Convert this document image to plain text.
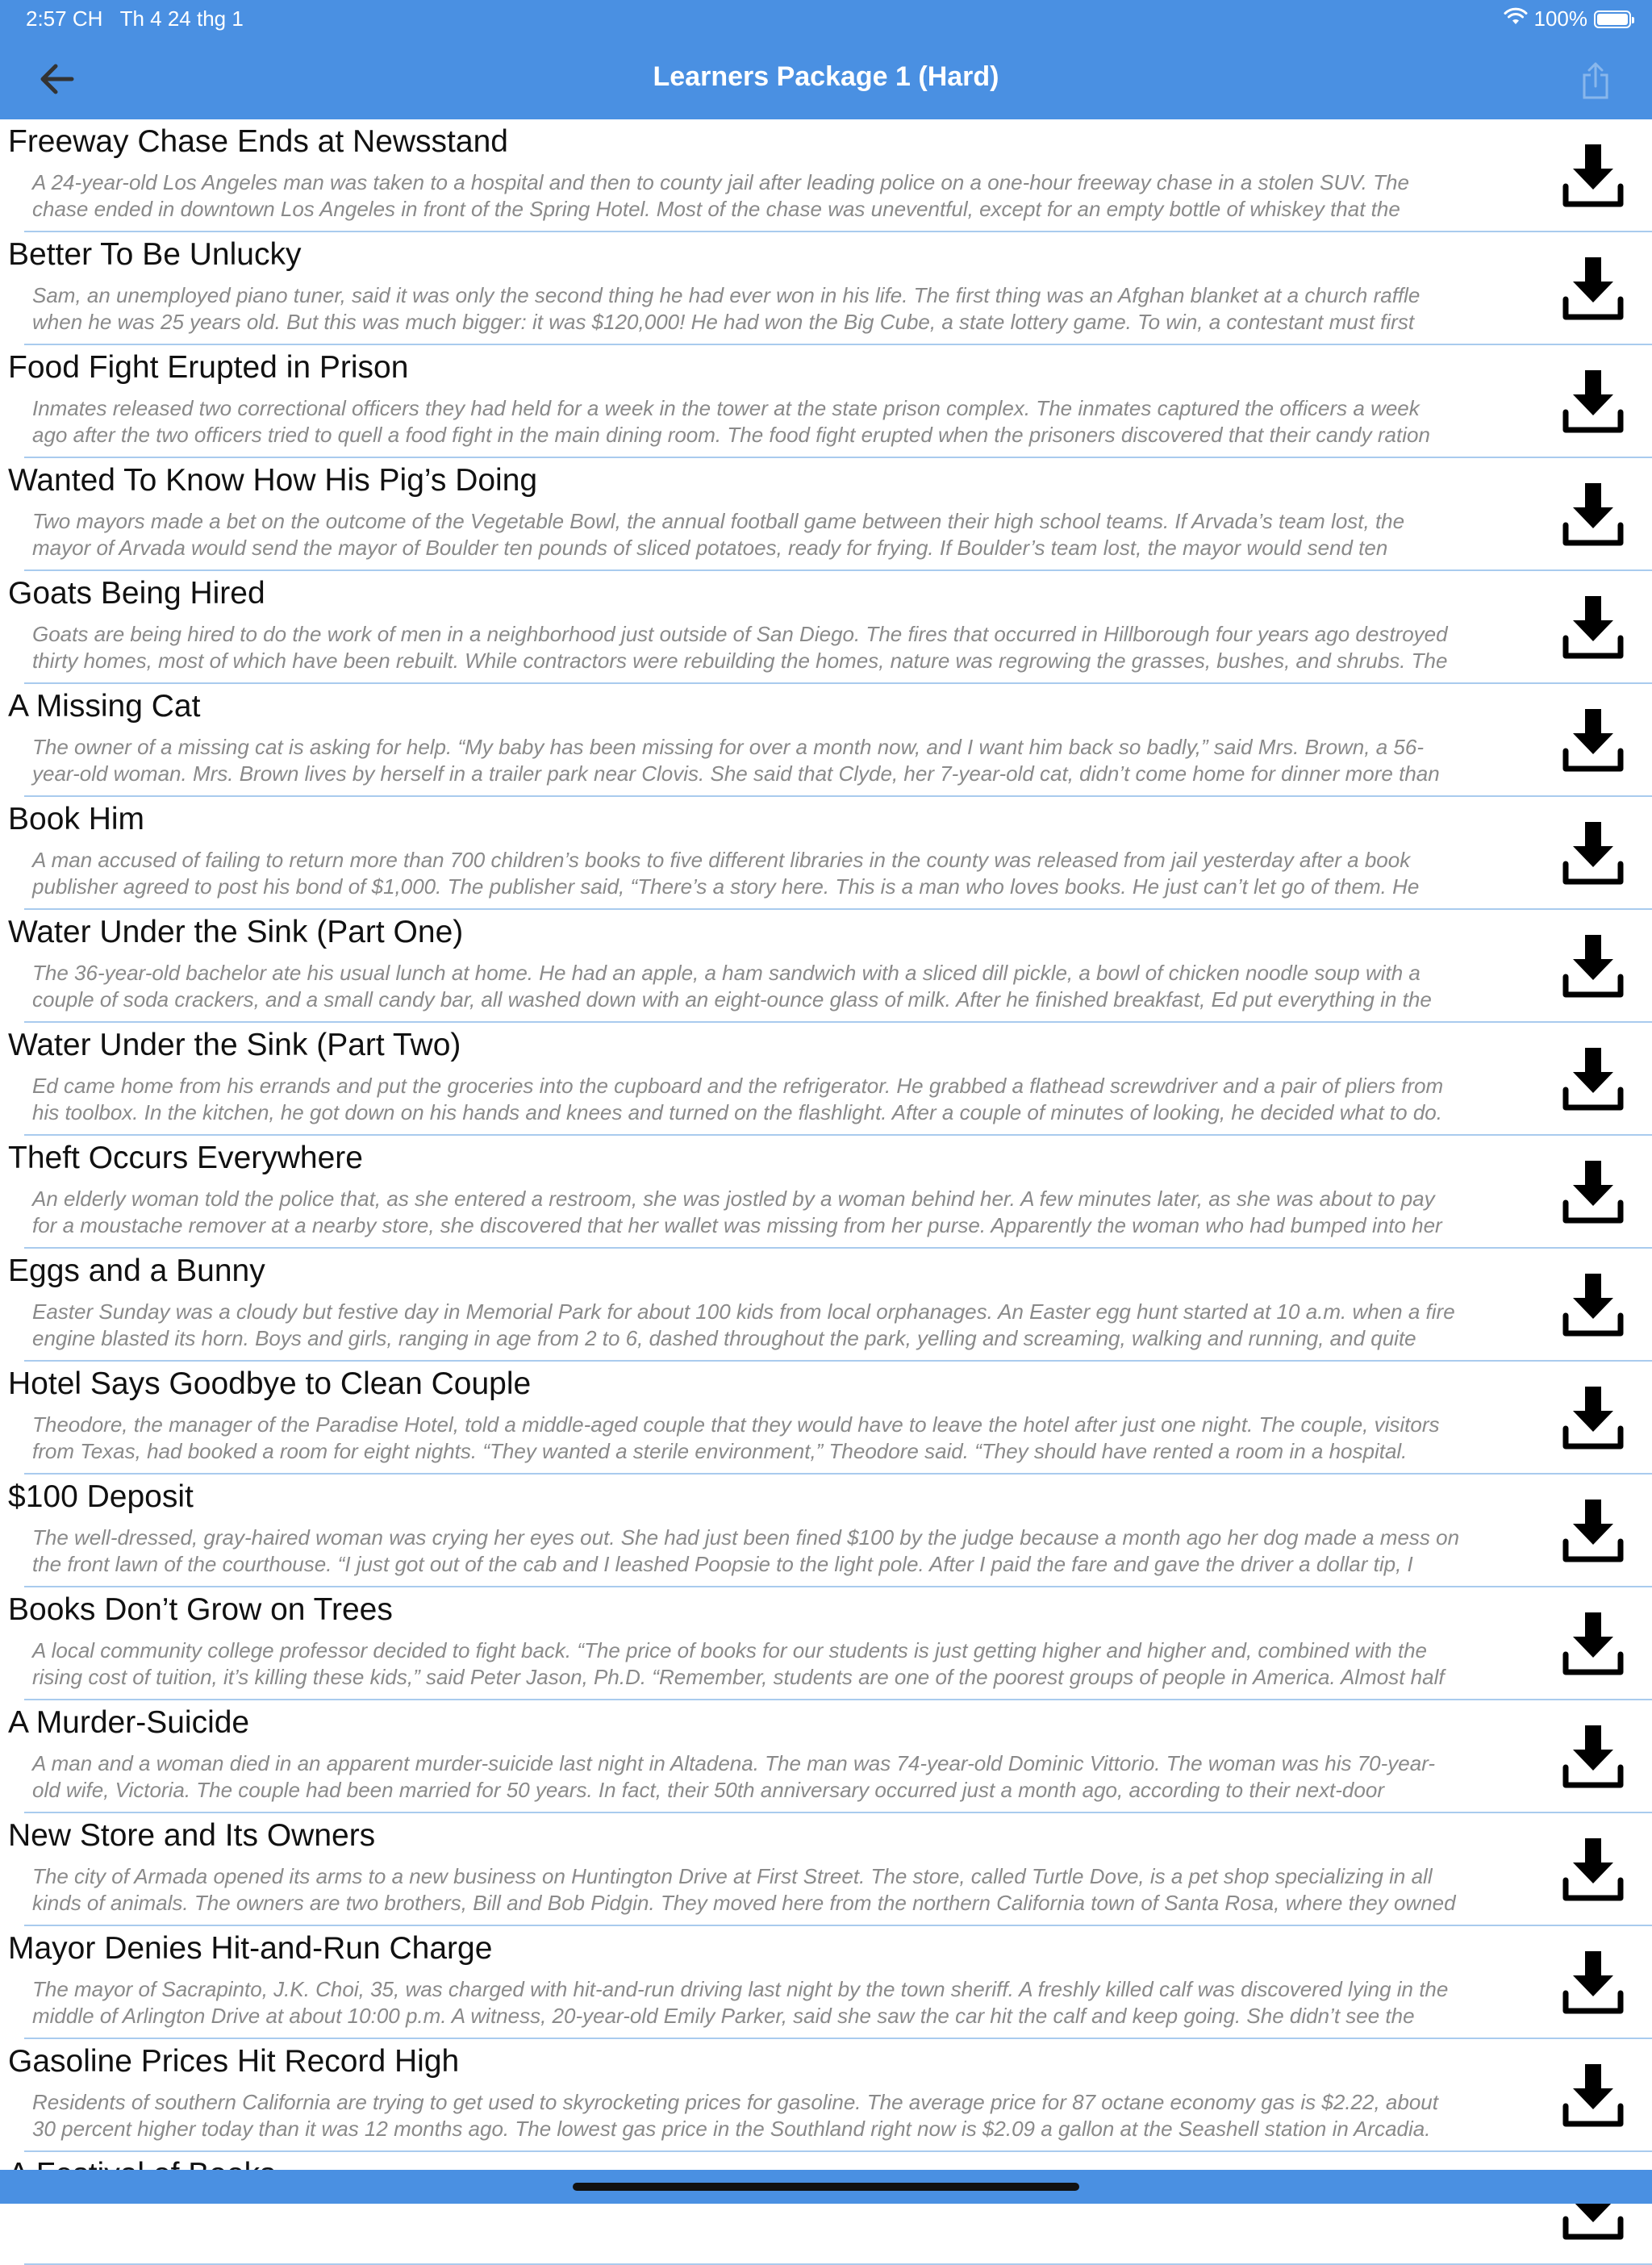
2:57 CH Th 4 24 thg 1	100%
Learners Package 1 (Hard)
Freeway Chase Ends at Newsstand
A 24-year-old Los Angeles man was taken to a hospital and then to county jail after leading police on a one-hour freeway chase in a stolen SUV. The
chase ended in downtown Los Angeles in front of the Spring Hotel. Most of the chase was uneventful, except for an empty bottle of whiskey that the
Better To Be Unlucky
Sam, an unemployed piano tuner, said it was only the second thing he had ever won in his life. The first thing was an Afghan blanket at a church raffle
when he was 25 years old. But this was much bigger: it was $120,000! He had won the Big Cube, a state lottery game. To win, a contestant must first
Food Fight Erupted in Prison
Inmates released two correctional officers they had held for a week in the tower at the state prison complex. The inmates captured the officers a week
ago after the two officers tried to quell a food fight in the main dining room. The food fight erupted when the prisoners discovered that their candy ration
Wanted To Know How His Pig’s Doing
Two mayors made a bet on the outcome of the Vegetable Bowl, the annual football game between their high school teams. If Arvada’s team lost, the
mayor of Arvada would send the mayor of Boulder ten pounds of sliced potatoes, ready for frying. If Boulder’s team lost, the mayor would send ten
Goats Being Hired
Goats are being hired to do the work of men in a neighborhood just outside of San Diego. The fires that occurred in Hillborough four years ago destroyed
thirty homes, most of which have been rebuilt. While contractors were rebuilding the homes, nature was regrowing the grasses, bushes, and shrubs. The
A Missing Cat
The owner of a missing cat is asking for help. “My baby has been missing for over a month now, and I want him back so badly,” said Mrs. Brown, a 56-
year-old woman. Mrs. Brown lives by herself in a trailer park near Clovis. She said that Clyde, her 7-year-old cat, didn’t come home for dinner more than
Book Him
A man accused of failing to return more than 700 children’s books to five different libraries in the county was released from jail yesterday after a book
publisher agreed to post his bond of $1,000. The publisher said, “There’s a story here. This is a man who loves books. He just can’t let go of them. He
Water Under the Sink (Part One)
The 36-year-old bachelor ate his usual lunch at home. He had an apple, a ham sandwich with a sliced dill pickle, a bowl of chicken noodle soup with a
couple of soda crackers, and a small candy bar, all washed down with an eight-ounce glass of milk. After he finished breakfast, Ed put everything in the
Water Under the Sink (Part Two)
Ed came home from his errands and put the groceries into the cupboard and the refrigerator. He grabbed a flathead screwdriver and a pair of pliers from
his toolbox. In the kitchen, he got down on his hands and knees and turned on the flashlight. After a couple of minutes of looking, he decided what to do.
Theft Occurs Everywhere
An elderly woman told the police that, as she entered a restroom, she was jostled by a woman behind her. A few minutes later, as she was about to pay
for a moustache remover at a nearby store, she discovered that her wallet was missing from her purse. Apparently the woman who had bumped into her
Eggs and a Bunny
Easter Sunday was a cloudy but festive day in Memorial Park for about 100 kids from local orphanages. An Easter egg hunt started at 10 a.m. when a fire
engine blasted its horn. Boys and girls, ranging in age from 2 to 6, dashed throughout the park, yelling and screaming, walking and running, and quite
Hotel Says Goodbye to Clean Couple
Theodore, the manager of the Paradise Hotel, told a middle-aged couple that they would have to leave the hotel after just one night. The couple, visitors
from Texas, had booked a room for eight nights. “They wanted a sterile environment,” Theodore said. “They should have rented a room in a hospital.
$100 Deposit
The well-dressed, gray-haired woman was crying her eyes out. She had just been fined $100 by the judge because a month ago her dog made a mess on
the front lawn of the courthouse. “I just got out of the cab and I leashed Poopsie to the light pole. After I paid the fare and gave the driver a dollar tip, I
Books Don’t Grow on Trees
A local community college professor decided to fight back. “The price of books for our students is just getting higher and higher and, combined with the
rising cost of tuition, it’s killing these kids,” said Peter Jason, Ph.D. “Remember, students are one of the poorest groups of people in America. Almost half
A Murder-Suicide
A man and a woman died in an apparent murder-suicide last night in Altadena. The man was 74-year-old Dominic Vittorio. The woman was his 70-year-
old wife, Victoria. The couple had been married for 50 years. In fact, their 50th anniversary occurred just a month ago, according to their next-door
New Store and Its Owners
The city of Armada opened its arms to a new business on Huntington Drive at First Street. The store, called Turtle Dove, is a pet shop specializing in all
kinds of animals. The owners are two brothers, Bill and Bob Pidgin. They moved here from the northern California town of Santa Rosa, where they owned
Mayor Denies Hit-and-Run Charge
The mayor of Sacrapinto, J.K. Choi, 35, was charged with hit-and-run driving last night by the town sheriff. A freshly killed calf was discovered lying in the
middle of Arlington Drive at about 10:00 p.m. A witness, 20-year-old Emily Parker, said she saw the car hit the calf and keep going. She didn’t see the
Gasoline Prices Hit Record High
Residents of southern California are trying to get used to skyrocketing prices for gasoline. The average price for 87 octane economy gas is $2.22, about
30 percent higher today than it was 12 months ago. The lowest gas price in the Southland right now is $2.09 a gallon at the Seashell station in Arcadia.
